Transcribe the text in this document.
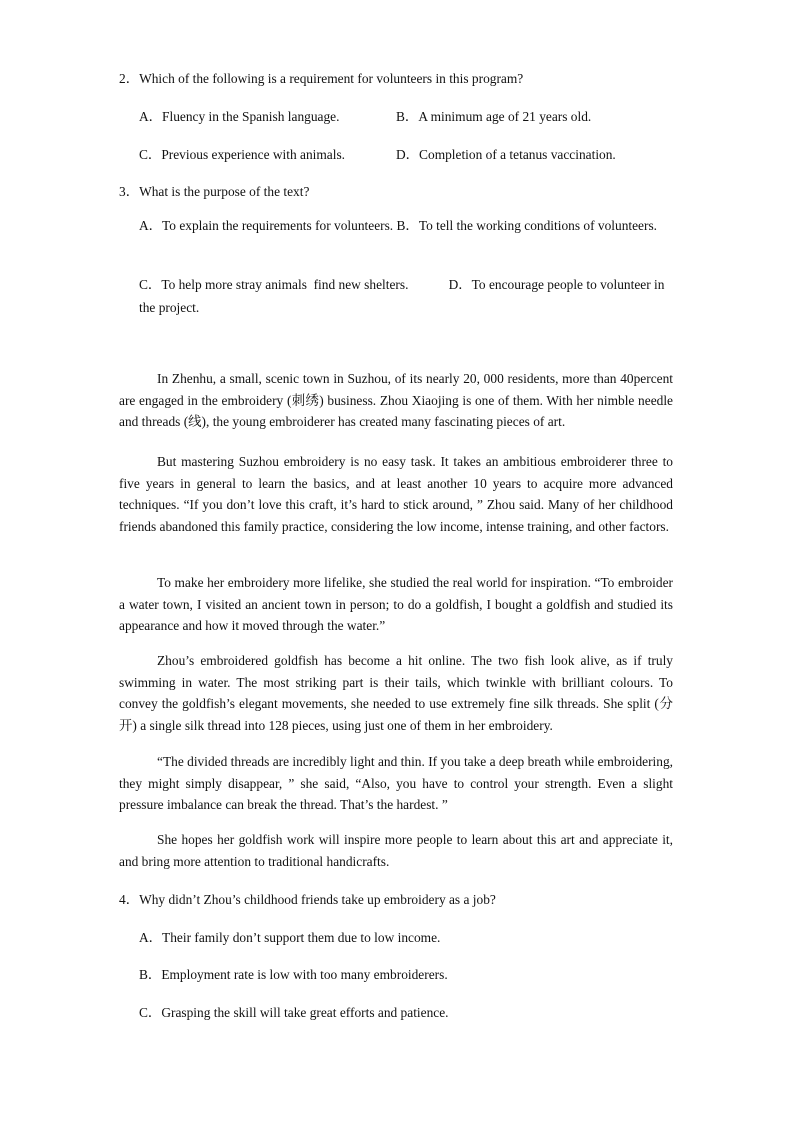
2．Which of the following is a requirement for volunteers in this program?
A．Fluency in the Spanish language.	B．A minimum age of 21 years old.
C．Previous experience with animals.	D．Completion of a tetanus vaccination.
3．What is the purpose of the text?
A．To explain the requirements for volunteers. B．To tell the working conditions of volunteers.
C．To help more stray animals  find new shelters.            D．To encourage people to volunteer in the project.
In Zhenhu, a small, scenic town in Suzhou, of its nearly 20, 000 residents, more than 40percent are engaged in the embroidery (刺绣) business. Zhou Xiaojing is one of them. With her nimble needle and threads (线), the young embroiderer has created many fascinating pieces of art.
But mastering Suzhou embroidery is no easy task. It takes an ambitious embroiderer three to five years in general to learn the basics, and at least another 10 years to acquire more advanced techniques. “If you don’t love this craft, it’s hard to stick around, ” Zhou said. Many of her childhood friends abandoned this family practice, considering the low income, intense training, and other factors.
To make her embroidery more lifelike, she studied the real world for inspiration. “To embroider a water town, I visited an ancient town in person; to do a goldfish, I bought a goldfish and studied its appearance and how it moved through the water.”
Zhou’s embroidered goldfish has become a hit online. The two fish look alive, as if truly swimming in water. The most striking part is their tails, which twinkle with brilliant colours. To convey the goldfish’s elegant movements, she needed to use extremely fine silk threads. She split (分开) a single silk thread into 128 pieces, using just one of them in her embroidery.
“The divided threads are incredibly light and thin. If you take a deep breath while embroidering, they might simply disappear, ” she said, “Also, you have to control your strength. Even a slight pressure imbalance can break the thread. That’s the hardest. ”
She hopes her goldfish work will inspire more people to learn about this art and appreciate it, and bring more attention to traditional handicrafts.
4．Why didn’t Zhou’s childhood friends take up embroidery as a job?
A．Their family don’t support them due to low income.
B．Employment rate is low with too many embroiderers.
C．Grasping the skill will take great efforts and patience.
